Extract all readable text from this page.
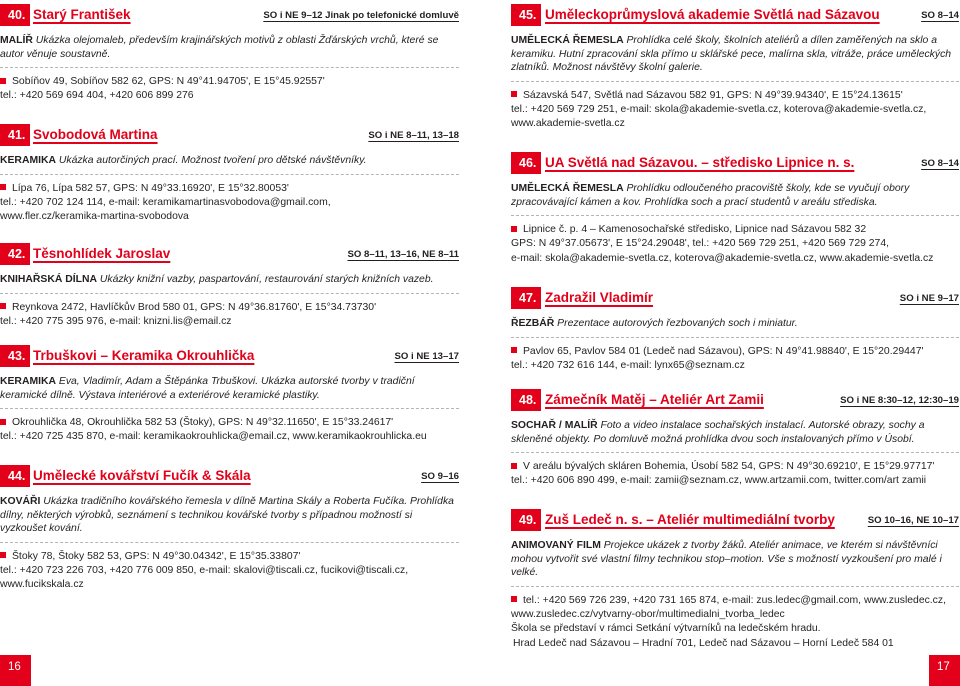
40. Starý František	SO i NE 9–12 Jinak po telefonické domluvě
MALÍŘ Ukázka olejomaleb, především krajinářských motivů z oblasti Žďárských vrchů, které se autor věnuje soustavně.
Sobíňov 49, Sobíňov 582 62, GPS: N 49°41.94705', E 15°45.92557'
tel.: +420 569 694 404, +420 606 899 276
41. Svobodová Martina	SO i NE 8–11, 13–18
KERAMIKA Ukázka autorčiných prací. Možnost tvoření pro dětské návštěvníky.
Lípa 76, Lípa 582 57, GPS: N 49°33.16920', E 15°32.80053'
tel.: +420 702 124 114, e-mail: keramikamartinasvobodova@gmail.com,
www.fler.cz/keramika-martina-svobodova
42. Těsnohlídek Jaroslav	SO 8–11, 13–16, NE 8–11
KNIHAŘSKÁ DÍLNA Ukázky knižní vazby, paspartování, restaurování starých knižních vazeb.
Reynkova 2472, Havlíčkův Brod 580 01, GPS: N 49°36.81760', E 15°34.73730'
tel.: +420 775 395 976, e-mail: knizni.lis@email.cz
43. Trbuškovi – Keramika Okrouhlička	SO i NE 13–17
KERAMIKA Eva, Vladimír, Adam a Štěpánka Trbuškovi. Ukázka autorské tvorby v tradiční keramické dílně. Výstava interiérové a exteriérové keramické plastiky.
Okrouhlička 48, Okrouhlička 582 53 (Štoky), GPS: N 49°32.11650', E 15°33.24617'
tel.: +420 725 435 870, e-mail: keramikaokrouhlicka@email.cz, www.keramikaokrouhlicka.eu
44. Umělecké kovářství Fučík & Skála	SO 9–16
KOVÁŘI Ukázka tradičního kovářského řemesla v dílně Martina Skály a Roberta Fučíka. Prohlídka dílny, některých výrobků, seznámení s technikou kovářské tvorby s případnou možností si vyzkoušet kování.
Štoky 78, Štoky 582 53, GPS: N 49°30.04342', E 15°35.33807'
tel.: +420 723 226 703, +420 776 009 850, e-mail: skalovi@tiscali.cz, fucikovi@tiscali.cz,
www.fucikskala.cz
45. Uměleckoprůmyslová akademie Světlá nad Sázavou	SO 8–14
UMĚLECKÁ ŘEMESLA Prohlídka celé školy, školních ateliérů a dílen zaměřených na sklo a keramiku. Hutní zpracování skla přímo u sklářské pece, malírna skla, vitráže, práce uměleckých zlatníků. Možnost návštěvy školní galerie.
Sázavská 547, Světlá nad Sázavou 582 91, GPS: N 49°39.94340', E 15°24.13615'
tel.: +420 569 729 251, e-mail: skola@akademie-svetla.cz, koterova@akademie-svetla.cz,
www.akademie-svetla.cz
46. UA Světlá nad Sázavou. – středisko Lipnice n. s.	SO 8–14
UMĚLECKÁ ŘEMESLA Prohlídku odloučeného pracoviště školy, kde se vyučují obory zpracovávající kámen a kov. Prohlídka soch a prací studentů v areálu střediska.
Lipnice č. p. 4 – Kamenosochařské středisko, Lipnice nad Sázavou 582 32
GPS: N 49°37.05673', E 15°24.29048', tel.: +420 569 729 251, +420 569 729 274,
e-mail: skola@akademie-svetla.cz, koterova@akademie-svetla.cz, www.akademie-svetla.cz
47. Zadražil Vladimír	SO i NE 9–17
ŘEZBÁŘ Prezentace autorových řezbovaných soch i miniatur.
Pavlov 65, Pavlov 584 01 (Ledeč nad Sázavou), GPS: N 49°41.98840', E 15°20.29447'
tel.: +420 732 616 144, e-mail: lynx65@seznam.cz
48. Zámečník Matěj – Ateliér Art Zamii	SO i NE 8:30–12, 12:30–19
SOCHAŘ / MALÍŘ Foto a video instalace sochařských instalací. Autorské obrazy, sochy a skleněné objekty. Po domluvě možná prohlídka dvou soch instalovaných přímo v Úsobí.
V areálu bývalých skláren Bohemia, Úsobí 582 54, GPS: N 49°30.69210', E 15°29.97717'
tel.: +420 606 890 499, e-mail: zamii@seznam.cz, www.artzamii.com, twitter.com/art zamii
49. Zuš Ledeč n. s. – Ateliér multimediální tvorby	SO 10–16, NE 10–17
ANIMOVANÝ FILM Projekce ukázek z tvorby žáků. Ateliér animace, ve kterém si návštěvníci mohou vytvořit své vlastní filmy technikou stop–motion. Vše s možností vyzkoušení pro malé i velké.
tel.: +420 569 726 239, +420 731 165 874, e-mail: zus.ledec@gmail.com, www.zusledec.cz,
www.zusledec.cz/vytvarny-obor/multimedialni_tvorba_ledec
Škola se představí v rámci Setkání výtvarníků na ledečském hradu.
Hrad Ledeč nad Sázavou – Hradní 701, Ledeč nad Sázavou – Horní Ledeč 584 01
16	17
